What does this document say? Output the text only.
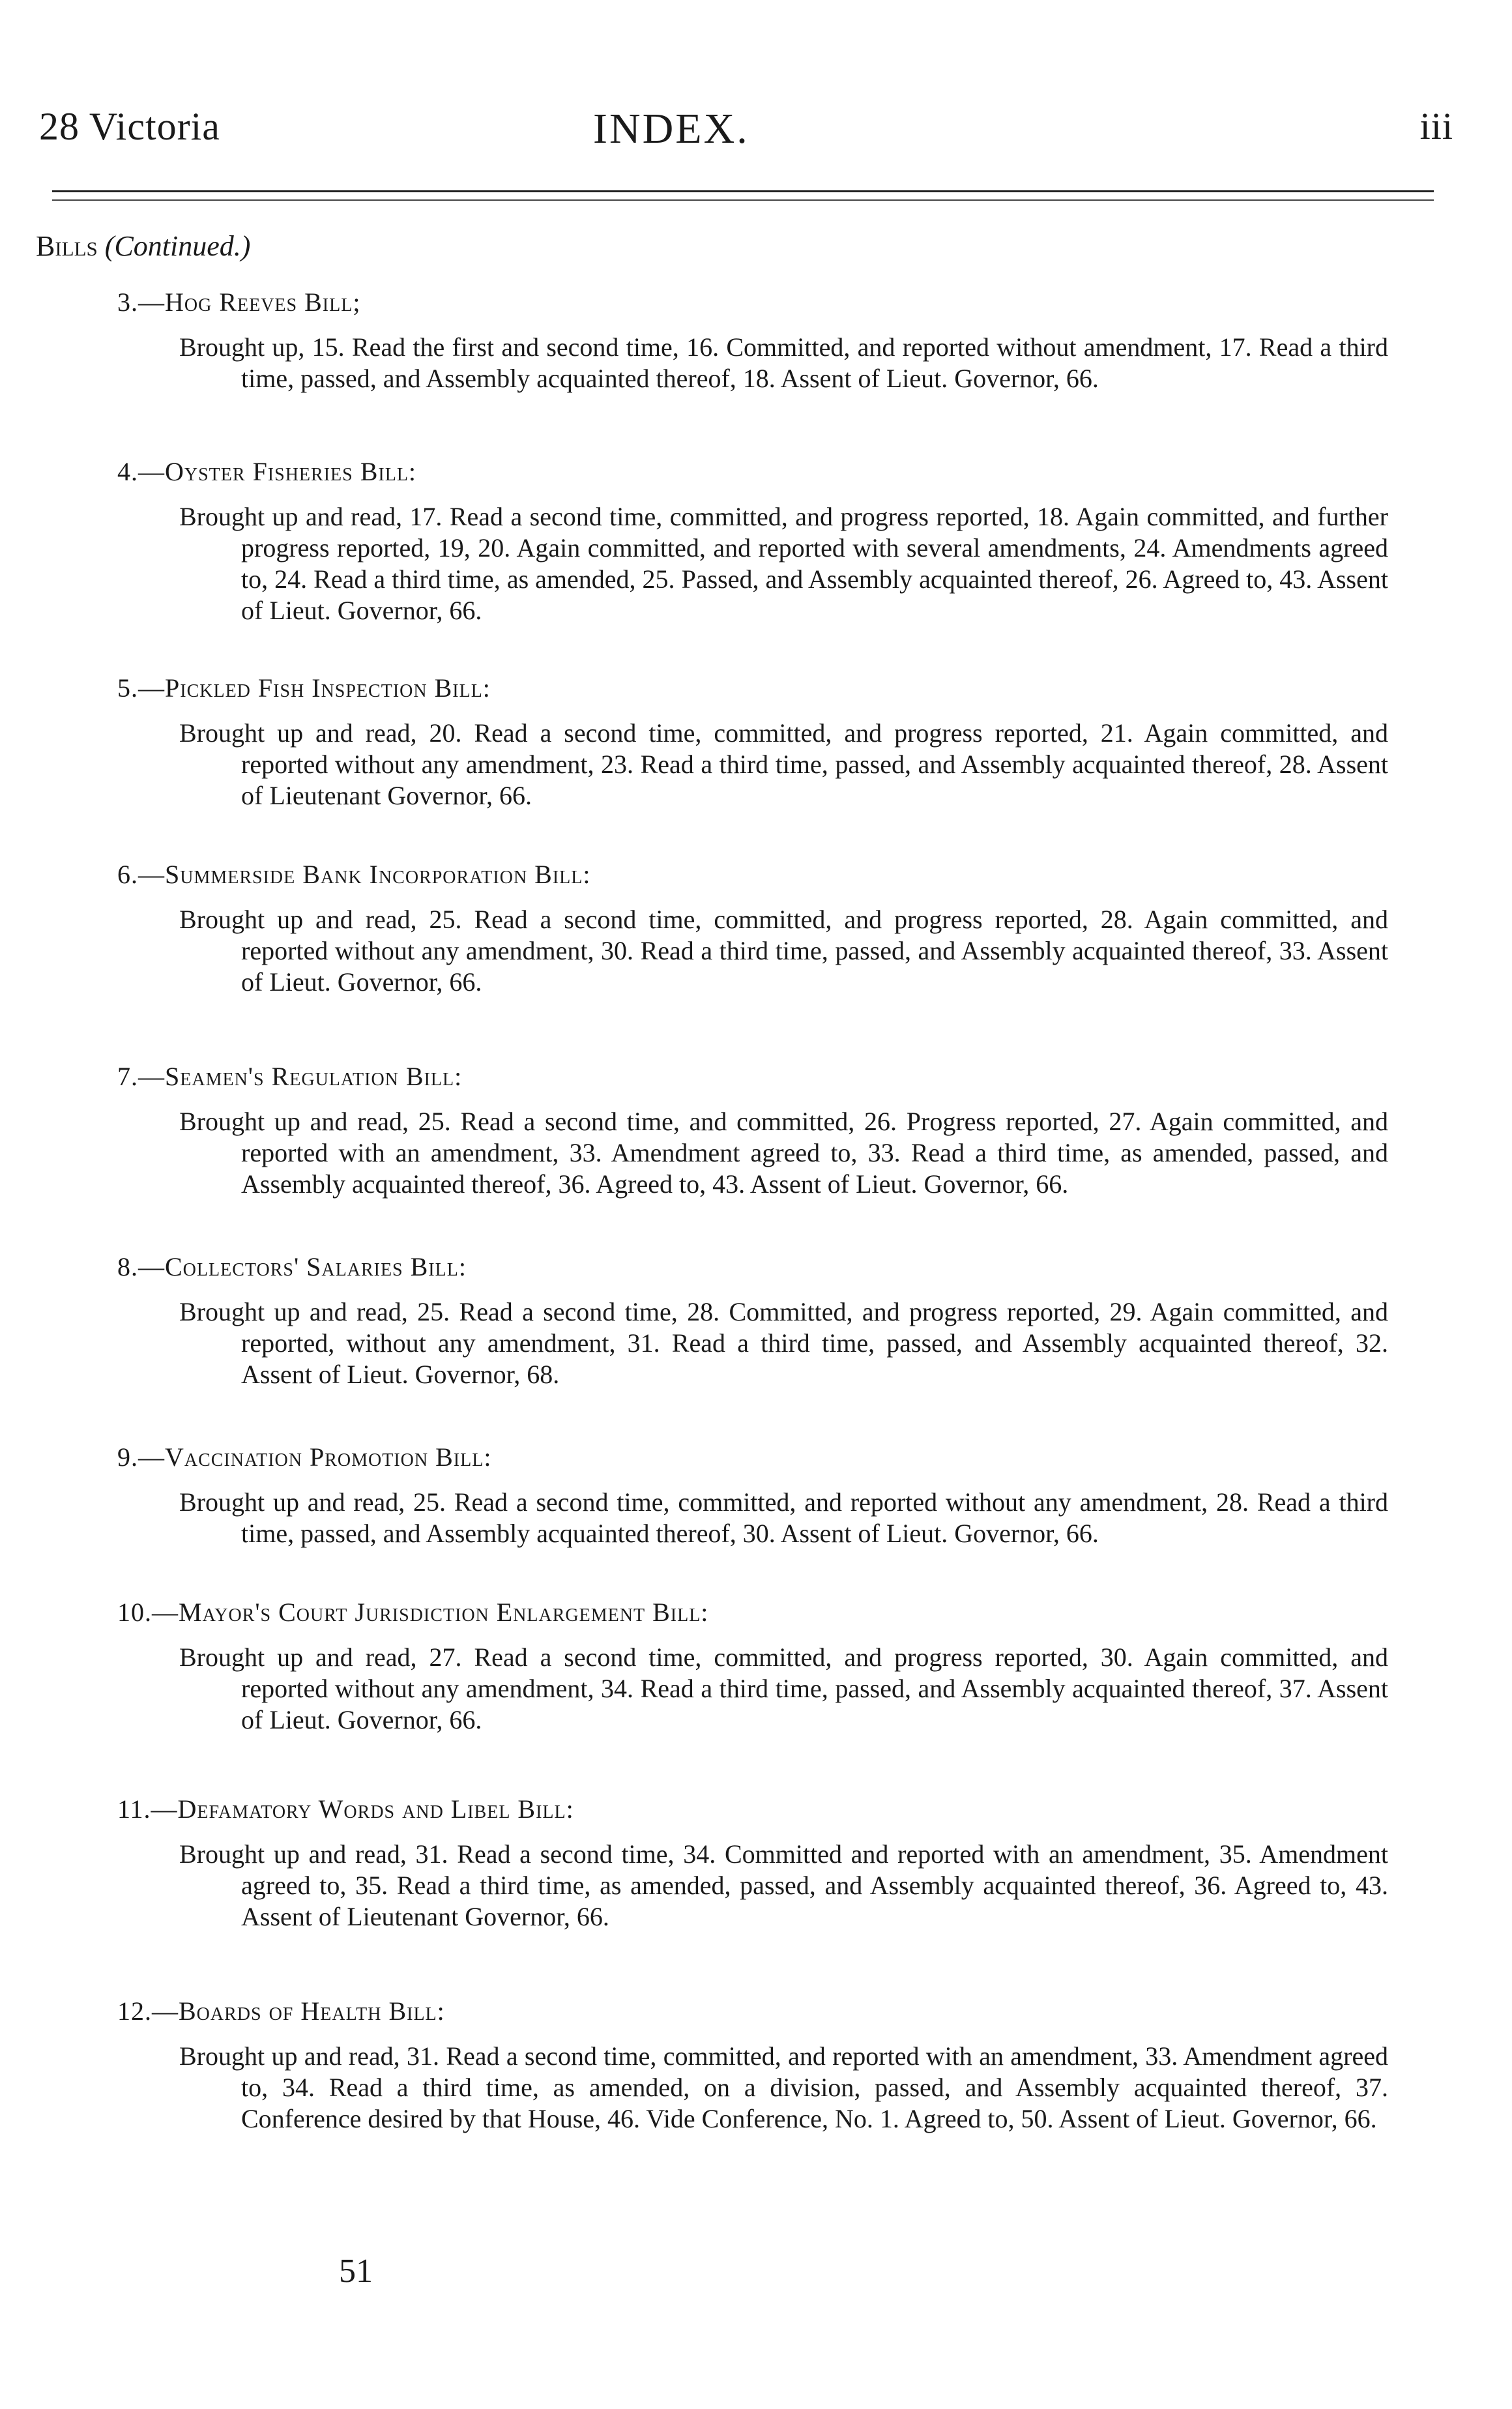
28 Victoria	INDEX.	iii
Bills (Continued.)
3.—Hog Reeves Bill;
Brought up, 15. Read the first and second time, 16. Committed, and reported without amendment, 17. Read a third time, passed, and Assembly acquainted thereof, 18. Assent of Lieut. Governor, 66.
4.—Oyster Fisheries Bill:
Brought up and read, 17. Read a second time, committed, and progress reported, 18. Again committed, and further progress reported, 19, 20. Again committed, and reported with several amendments, 24. Amendments agreed to, 24. Read a third time, as amended, 25. Passed, and Assembly acquainted thereof, 26. Agreed to, 43. Assent of Lieut. Governor, 66.
5.—Pickled Fish Inspection Bill:
Brought up and read, 20. Read a second time, committed, and progress reported, 21. Again committed, and reported without any amendment, 23. Read a third time, passed, and Assembly acquainted thereof, 28. Assent of Lieutenant Governor, 66.
6.—Summerside Bank Incorporation Bill:
Brought up and read, 25. Read a second time, committed, and progress reported, 28. Again committed, and reported without any amendment, 30. Read a third time, passed, and Assembly acquainted thereof, 33. Assent of Lieut. Governor, 66.
7.—Seamen's Regulation Bill:
Brought up and read, 25. Read a second time, and committed, 26. Progress reported, 27. Again committed, and reported with an amendment, 33. Amendment agreed to, 33. Read a third time, as amended, passed, and Assembly acquainted thereof, 36. Agreed to, 43. Assent of Lieut. Governor, 66.
8.—Collectors' Salaries Bill:
Brought up and read, 25. Read a second time, 28. Committed, and progress reported, 29. Again committed, and reported, without any amendment, 31. Read a third time, passed, and Assembly acquainted thereof, 32. Assent of Lieut. Governor, 68.
9.—Vaccination Promotion Bill:
Brought up and read, 25. Read a second time, committed, and reported without any amendment, 28. Read a third time, passed, and Assembly acquainted thereof, 30. Assent of Lieut. Governor, 66.
10.—Mayor's Court Jurisdiction Enlargement Bill:
Brought up and read, 27. Read a second time, committed, and progress reported, 30. Again committed, and reported without any amendment, 34. Read a third time, passed, and Assembly acquainted thereof, 37. Assent of Lieut. Governor, 66.
11.—Defamatory Words and Libel Bill:
Brought up and read, 31. Read a second time, 34. Committed and reported with an amendment, 35. Amendment agreed to, 35. Read a third time, as amended, passed, and Assembly acquainted thereof, 36. Agreed to, 43. Assent of Lieutenant Governor, 66.
12.—Boards of Health Bill:
Brought up and read, 31. Read a second time, committed, and reported with an amendment, 33. Amendment agreed to, 34. Read a third time, as amended, on a division, passed, and Assembly acquainted thereof, 37. Conference desired by that House, 46. Vide Conference, No. 1. Agreed to, 50. Assent of Lieut. Governor, 66.
51
